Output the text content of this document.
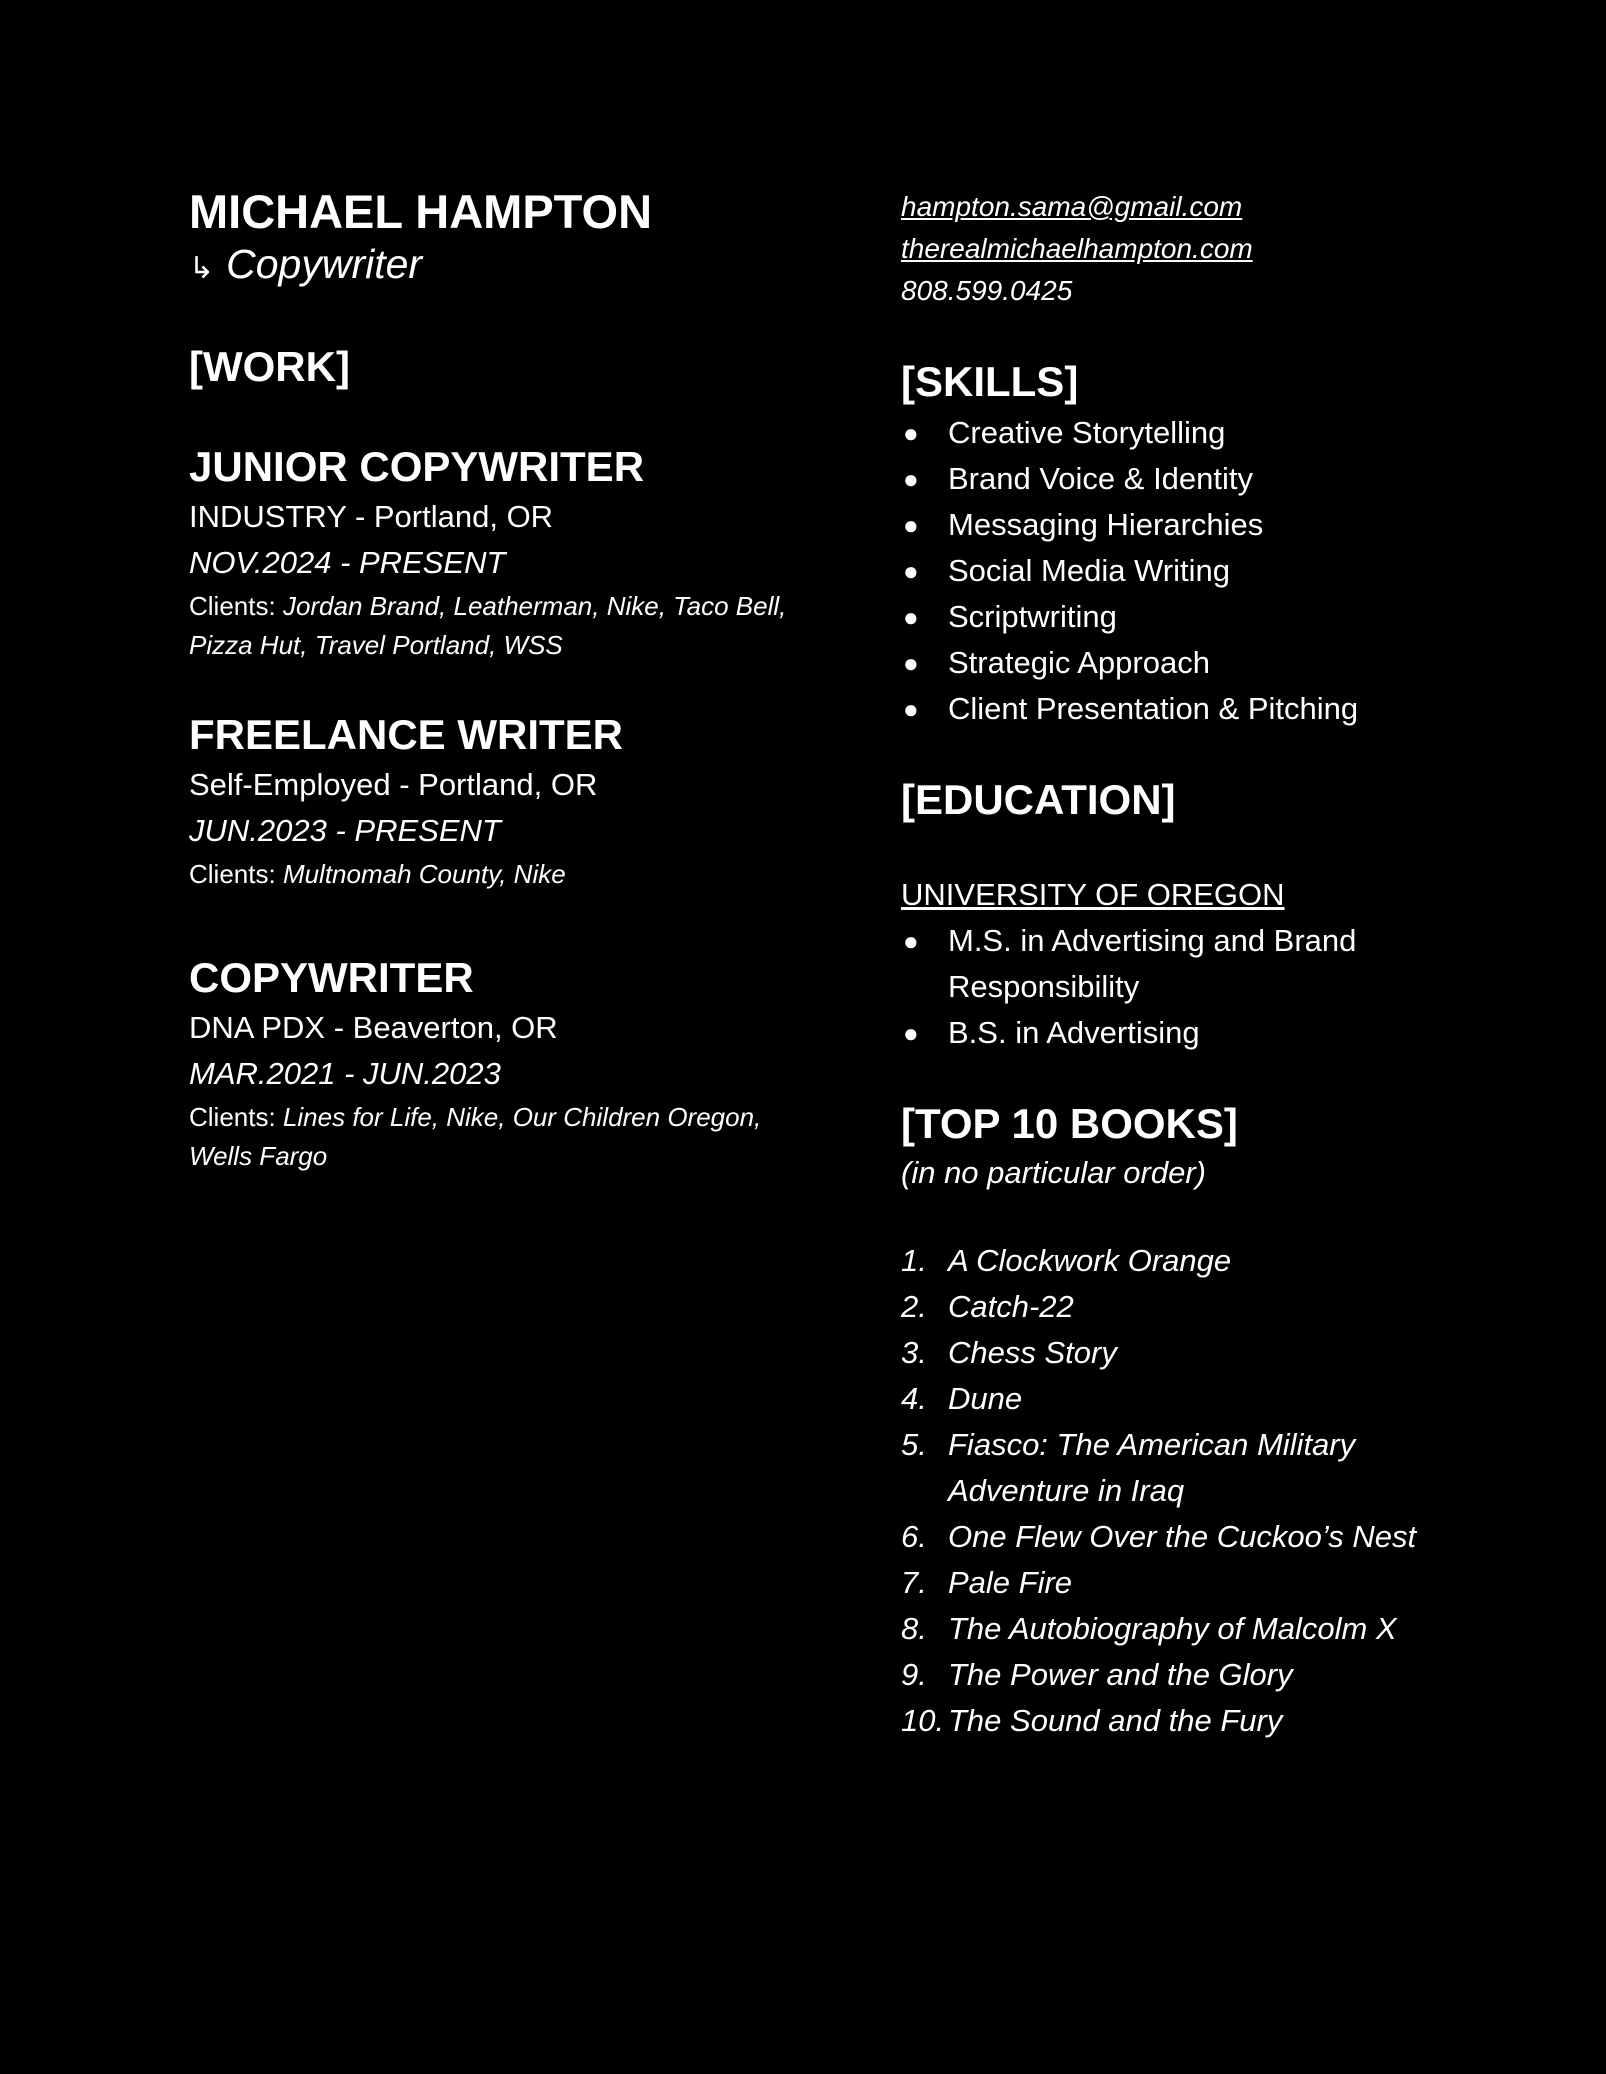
MICHAEL HAMPTON
↳ Copywriter
[WORK]
JUNIOR COPYWRITER
INDUSTRY - Portland, OR
NOV.2024 - PRESENT
Clients: Jordan Brand, Leatherman, Nike, Taco Bell, Pizza Hut, Travel Portland, WSS
FREELANCE WRITER
Self-Employed - Portland, OR
JUN.2023 - PRESENT
Clients: Multnomah County, Nike
COPYWRITER
DNA PDX - Beaverton, OR
MAR.2021 - JUN.2023
Clients: Lines for Life, Nike, Our Children Oregon, Wells Fargo
hampton.sama@gmail.com
therealmichaelhampton.com
808.599.0425
[SKILLS]
● Creative Storytelling
● Brand Voice & Identity
● Messaging Hierarchies
● Social Media Writing
● Scriptwriting
● Strategic Approach
● Client Presentation & Pitching
[EDUCATION]
UNIVERSITY OF OREGON
● M.S. in Advertising and Brand Responsibility
● B.S. in Advertising
[TOP 10 BOOKS]
(in no particular order)
1. A Clockwork Orange
2. Catch-22
3. Chess Story
4. Dune
5. Fiasco: The American Military Adventure in Iraq
6. One Flew Over the Cuckoo’s Nest
7. Pale Fire
8. The Autobiography of Malcolm X
9. The Power and the Glory
10. The Sound and the Fury
